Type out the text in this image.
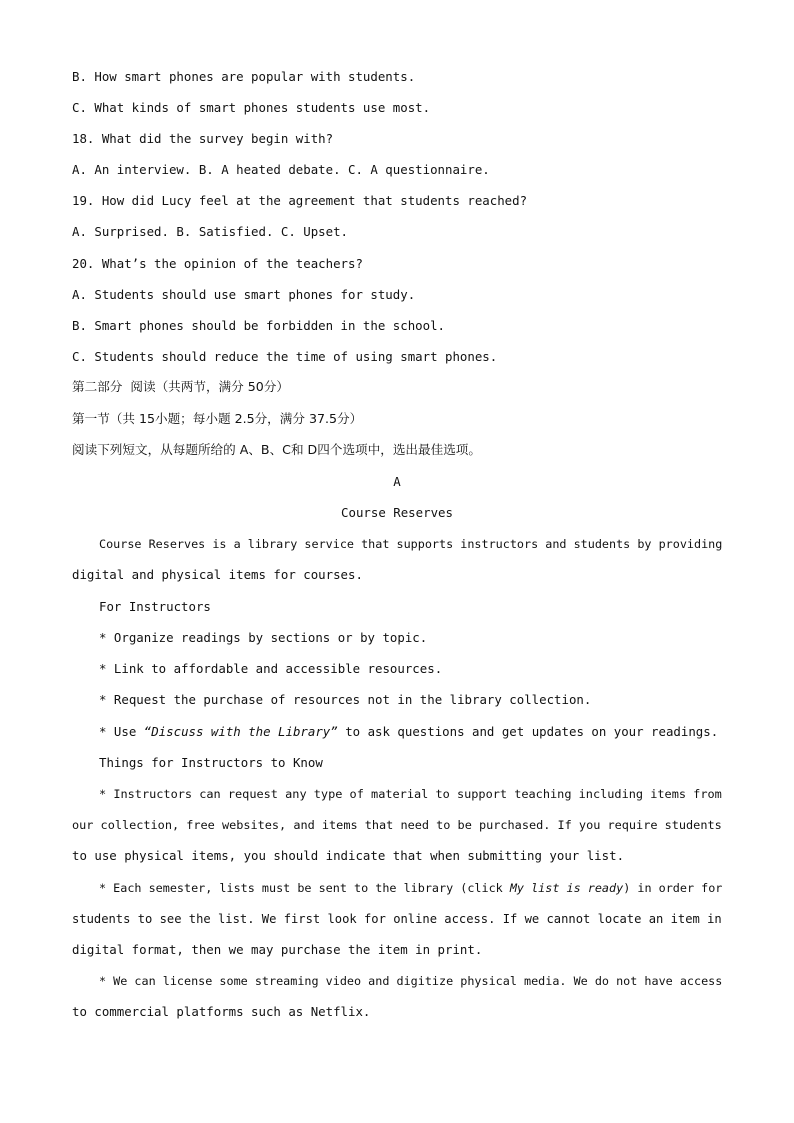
B. How smart phones are popular with students.
C. What kinds of smart phones students use most.
18. What did the survey begin with?
A. An interview. B. A heated debate. C. A questionnaire.
19. How did Lucy feel at the agreement that students reached?
A. Surprised. B. Satisfied. C. Upset.
20. What’s the opinion of the teachers?
A. Students should use smart phones for study.
B. Smart phones should be forbidden in the school.
C. Students should reduce the time of using smart phones.
第二部分  阅读（共两节，满分 50分）
第一节（共 15小题；每小题 2.5分，满分 37.5分）
阅读下列短文，从每题所给的 A、B、C和 D四个选项中，选出最佳选项。
A
Course Reserves
Course Reserves is a library service that supports instructors and students by providing
digital and physical items for courses.
For Instructors
* Organize readings by sections or by topic.
* Link to affordable and accessible resources.
* Request the purchase of resources not in the library collection.
* Use “Discuss with the Library” to ask questions and get updates on your readings.
Things for Instructors to Know
* Instructors can request any type of material to support teaching including items from
our collection, free websites, and items that need to be purchased. If you require students
to use physical items, you should indicate that when submitting your list.
* Each semester, lists must be sent to the library (click My list is ready) in order for
students to see the list. We first look for online access. If we cannot locate an item in
digital format, then we may purchase the item in print.
* We can license some streaming video and digitize physical media. We do not have access
to commercial platforms such as Netflix.
